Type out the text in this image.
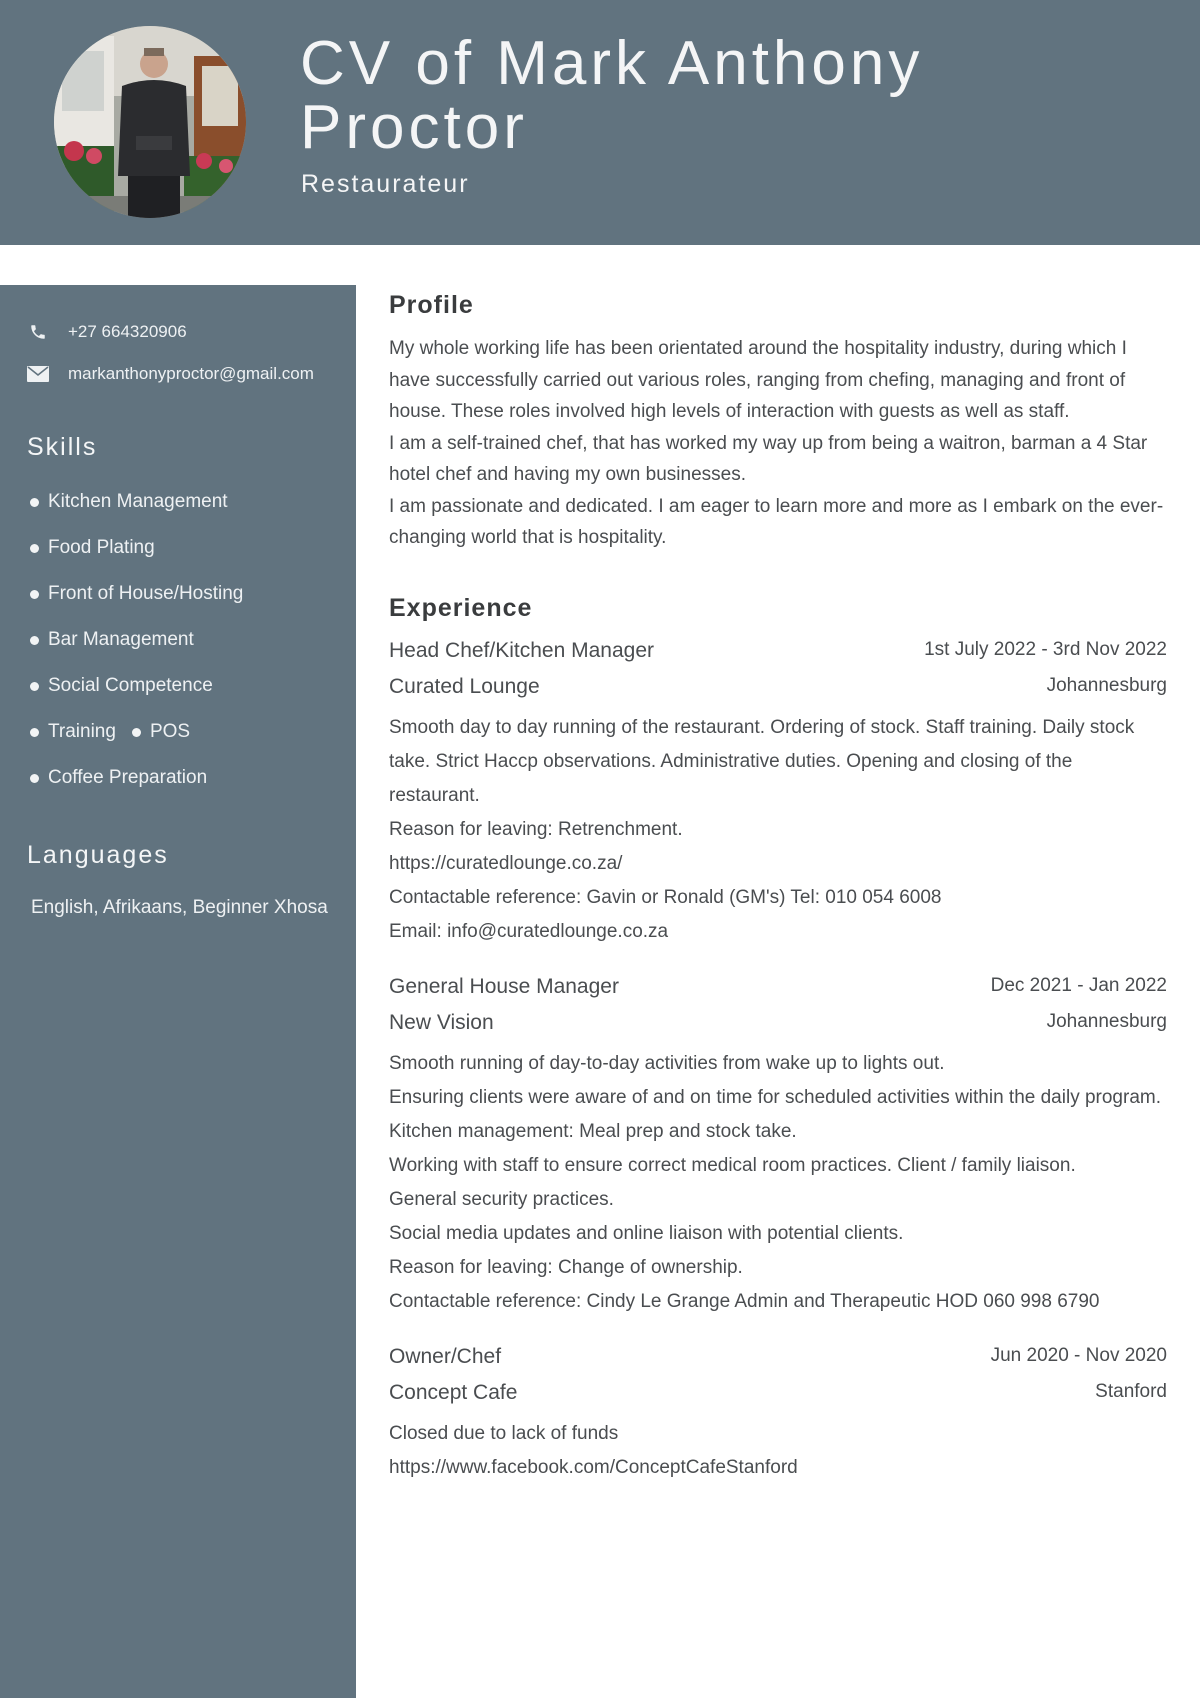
CV of Mark Anthony
Proctor
Restaurateur
+27 664320906
markanthonyproctor@gmail.com
Skills
Kitchen Management
Food Plating
Front of House/Hosting
Bar Management
Social Competence
Training POS
Coffee Preparation
Languages
English, Afrikaans, Beginner Xhosa
Profile

My whole working life has been orientated around the hospitality industry, during which I have successfully carried out various roles, ranging from chefing, managing and front of house. These roles involved high levels of interaction with guests as well as staff.

I am a self-trained chef, that has worked my way up from being a waitron, barman a 4 Star hotel chef and having my own businesses.

I am passionate and dedicated. I am eager to learn more and more as I embark on the ever-changing world that is hospitality.

Experience
Head Chef/Kitchen Manager	1st July 2022 - 3rd Nov 2022
Curated Lounge	Johannesburg

Smooth day to day running of the restaurant. Ordering of stock. Staff training. Daily stock take. Strict Haccp observations. Administrative duties. Opening and closing of the restaurant.

Reason for leaving: Retrenchment.

https://curatedlounge.co.za/

Contactable reference: Gavin or Ronald (GM's) Tel: 010 054 6008

Email: info@curatedlounge.co.za

General House Manager	Dec 2021 - Jan 2022
New Vision	Johannesburg

Smooth running of day-to-day activities from wake up to lights out.

Ensuring clients were aware of and on time for scheduled activities within the daily program. Kitchen management: Meal prep and stock take.

Working with staff to ensure correct medical room practices. Client / family liaison.

General security practices.

Social media updates and online liaison with potential clients.

Reason for leaving: Change of ownership.

Contactable reference: Cindy Le Grange Admin and Therapeutic HOD 060 998 6790

Owner/Chef	Jun 2020 - Nov 2020
Concept Cafe	Stanford

Closed due to lack of funds

https://www.facebook.com/ConceptCafeStanford
